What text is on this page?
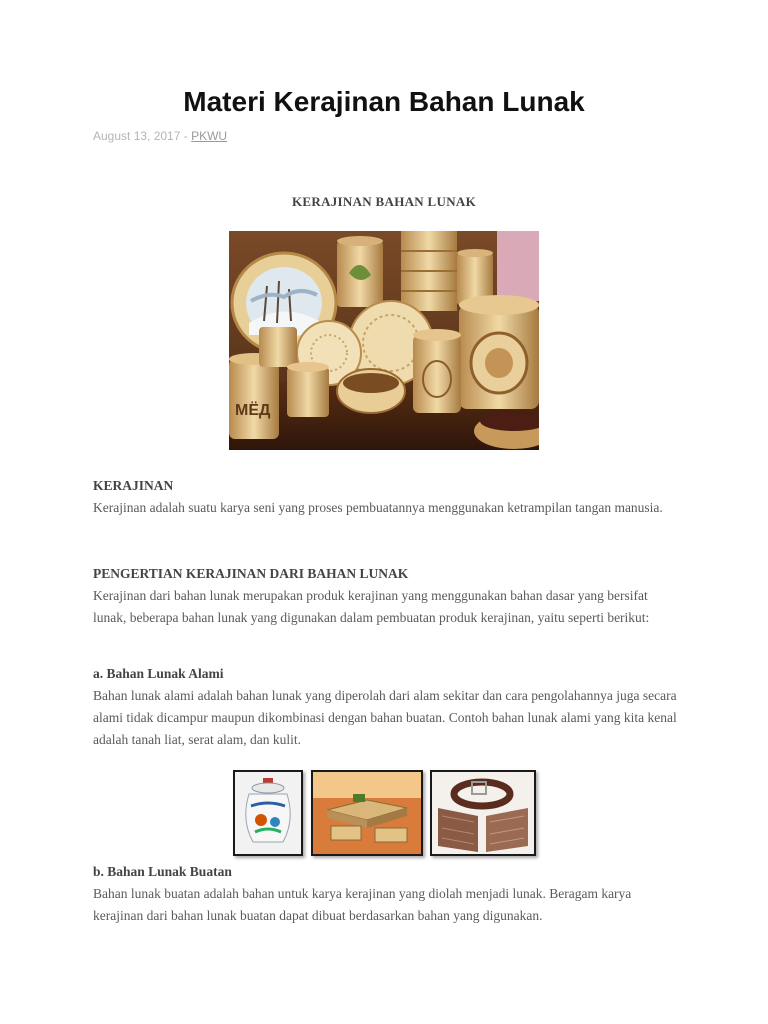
Materi Kerajinan Bahan Lunak
August 13, 2017 - PKWU
KERAJINAN BAHAN LUNAK
MËД
KERAJINAN

Kerajinan adalah suatu karya seni yang proses pembuatannya menggunakan ketrampilan tangan manusia.

PENGERTIAN KERAJINAN DARI BAHAN LUNAK

Kerajinan dari bahan lunak merupakan produk kerajinan yang menggunakan bahan dasar yang bersifat lunak, beberapa bahan lunak yang digunakan dalam pembuatan produk kerajinan, yaitu seperti berikut:

a. Bahan Lunak Alami

Bahan lunak alami adalah bahan lunak yang diperolah dari alam sekitar dan cara pengolahannya juga secara alami tidak dicampur maupun dikombinasi dengan bahan buatan. Contoh bahan lunak alami yang kita kenal adalah tanah liat, serat alam, dan kulit.

b. Bahan Lunak Buatan

Bahan lunak buatan adalah bahan untuk karya kerajinan yang diolah menjadi lunak. Beragam karya kerajinan dari bahan lunak buatan dapat dibuat berdasarkan bahan yang digunakan.
